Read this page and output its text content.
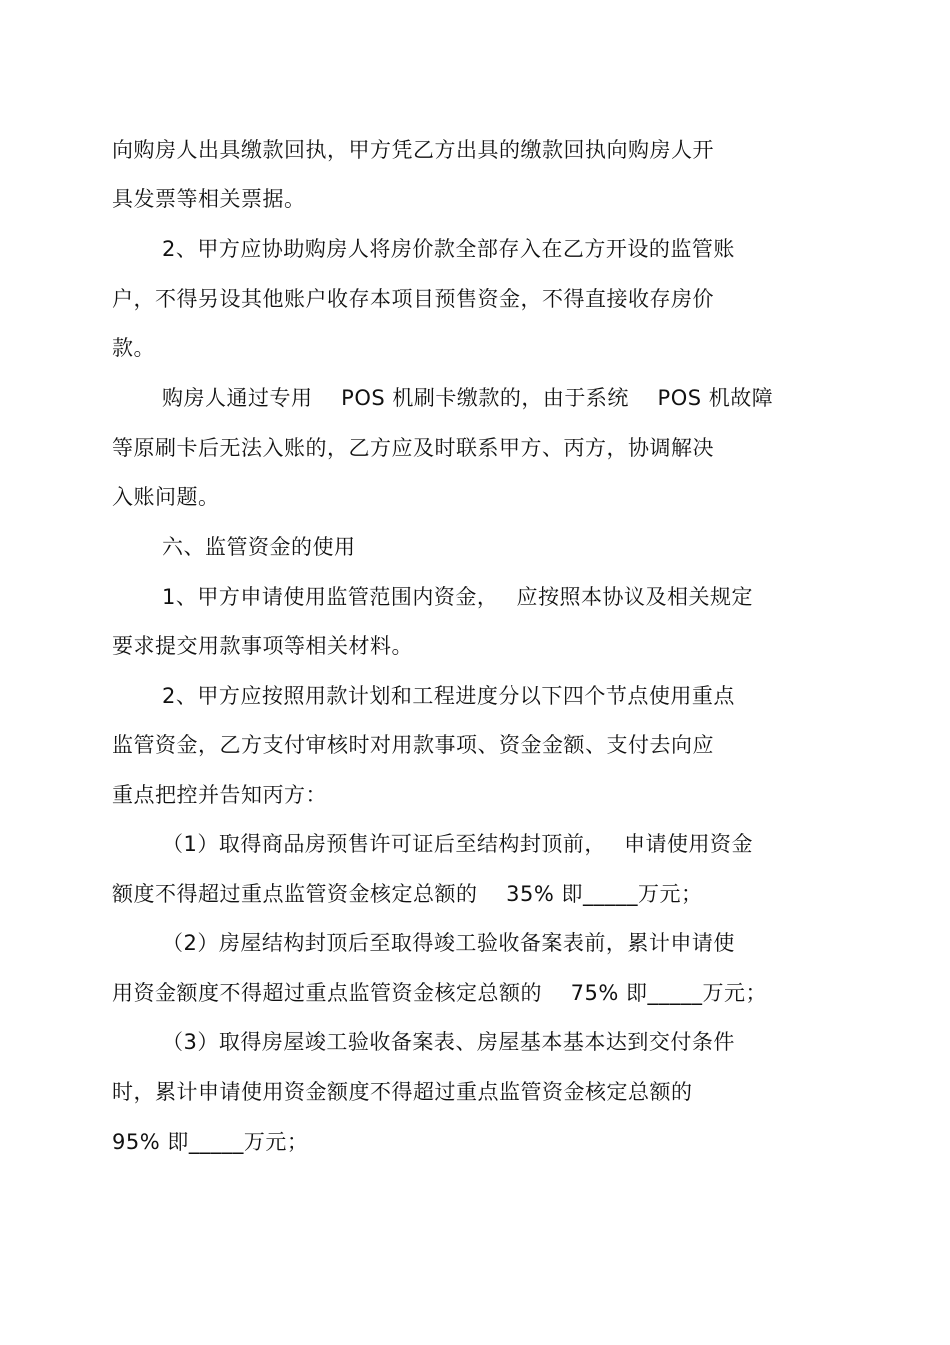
向购房人出具缴款回执，甲方凭乙方出具的缴款回执向购房人开
具发票等相关票据。
2、甲方应协助购房人将房价款全部存入在乙方开设的监管账
户，不得另设其他账户收存本项目预售资金，不得直接收存房价
款。
购房人通过专用　 POS 机刷卡缴款的，由于系统　 POS 机故障
等原刷卡后无法入账的，乙方应及时联系甲方、丙方，协调解决
入账问题。
六、监管资金的使用
1、甲方申请使用监管范围内资金，　 应按照本协议及相关规定
要求提交用款事项等相关材料。
2、甲方应按照用款计划和工程进度分以下四个节点使用重点
监管资金，乙方支付审核时对用款事项、资金金额、支付去向应
重点把控并告知丙方：
（1）取得商品房预售许可证后至结构封顶前，　 申请使用资金
额度不得超过重点监管资金核定总额的　 35% 即_____万元；
（2）房屋结构封顶后至取得竣工验收备案表前，累计申请使
用资金额度不得超过重点监管资金核定总额的　 75% 即_____万元；
（3）取得房屋竣工验收备案表、房屋基本基本达到交付条件
时，累计申请使用资金额度不得超过重点监管资金核定总额的
95% 即_____万元；
